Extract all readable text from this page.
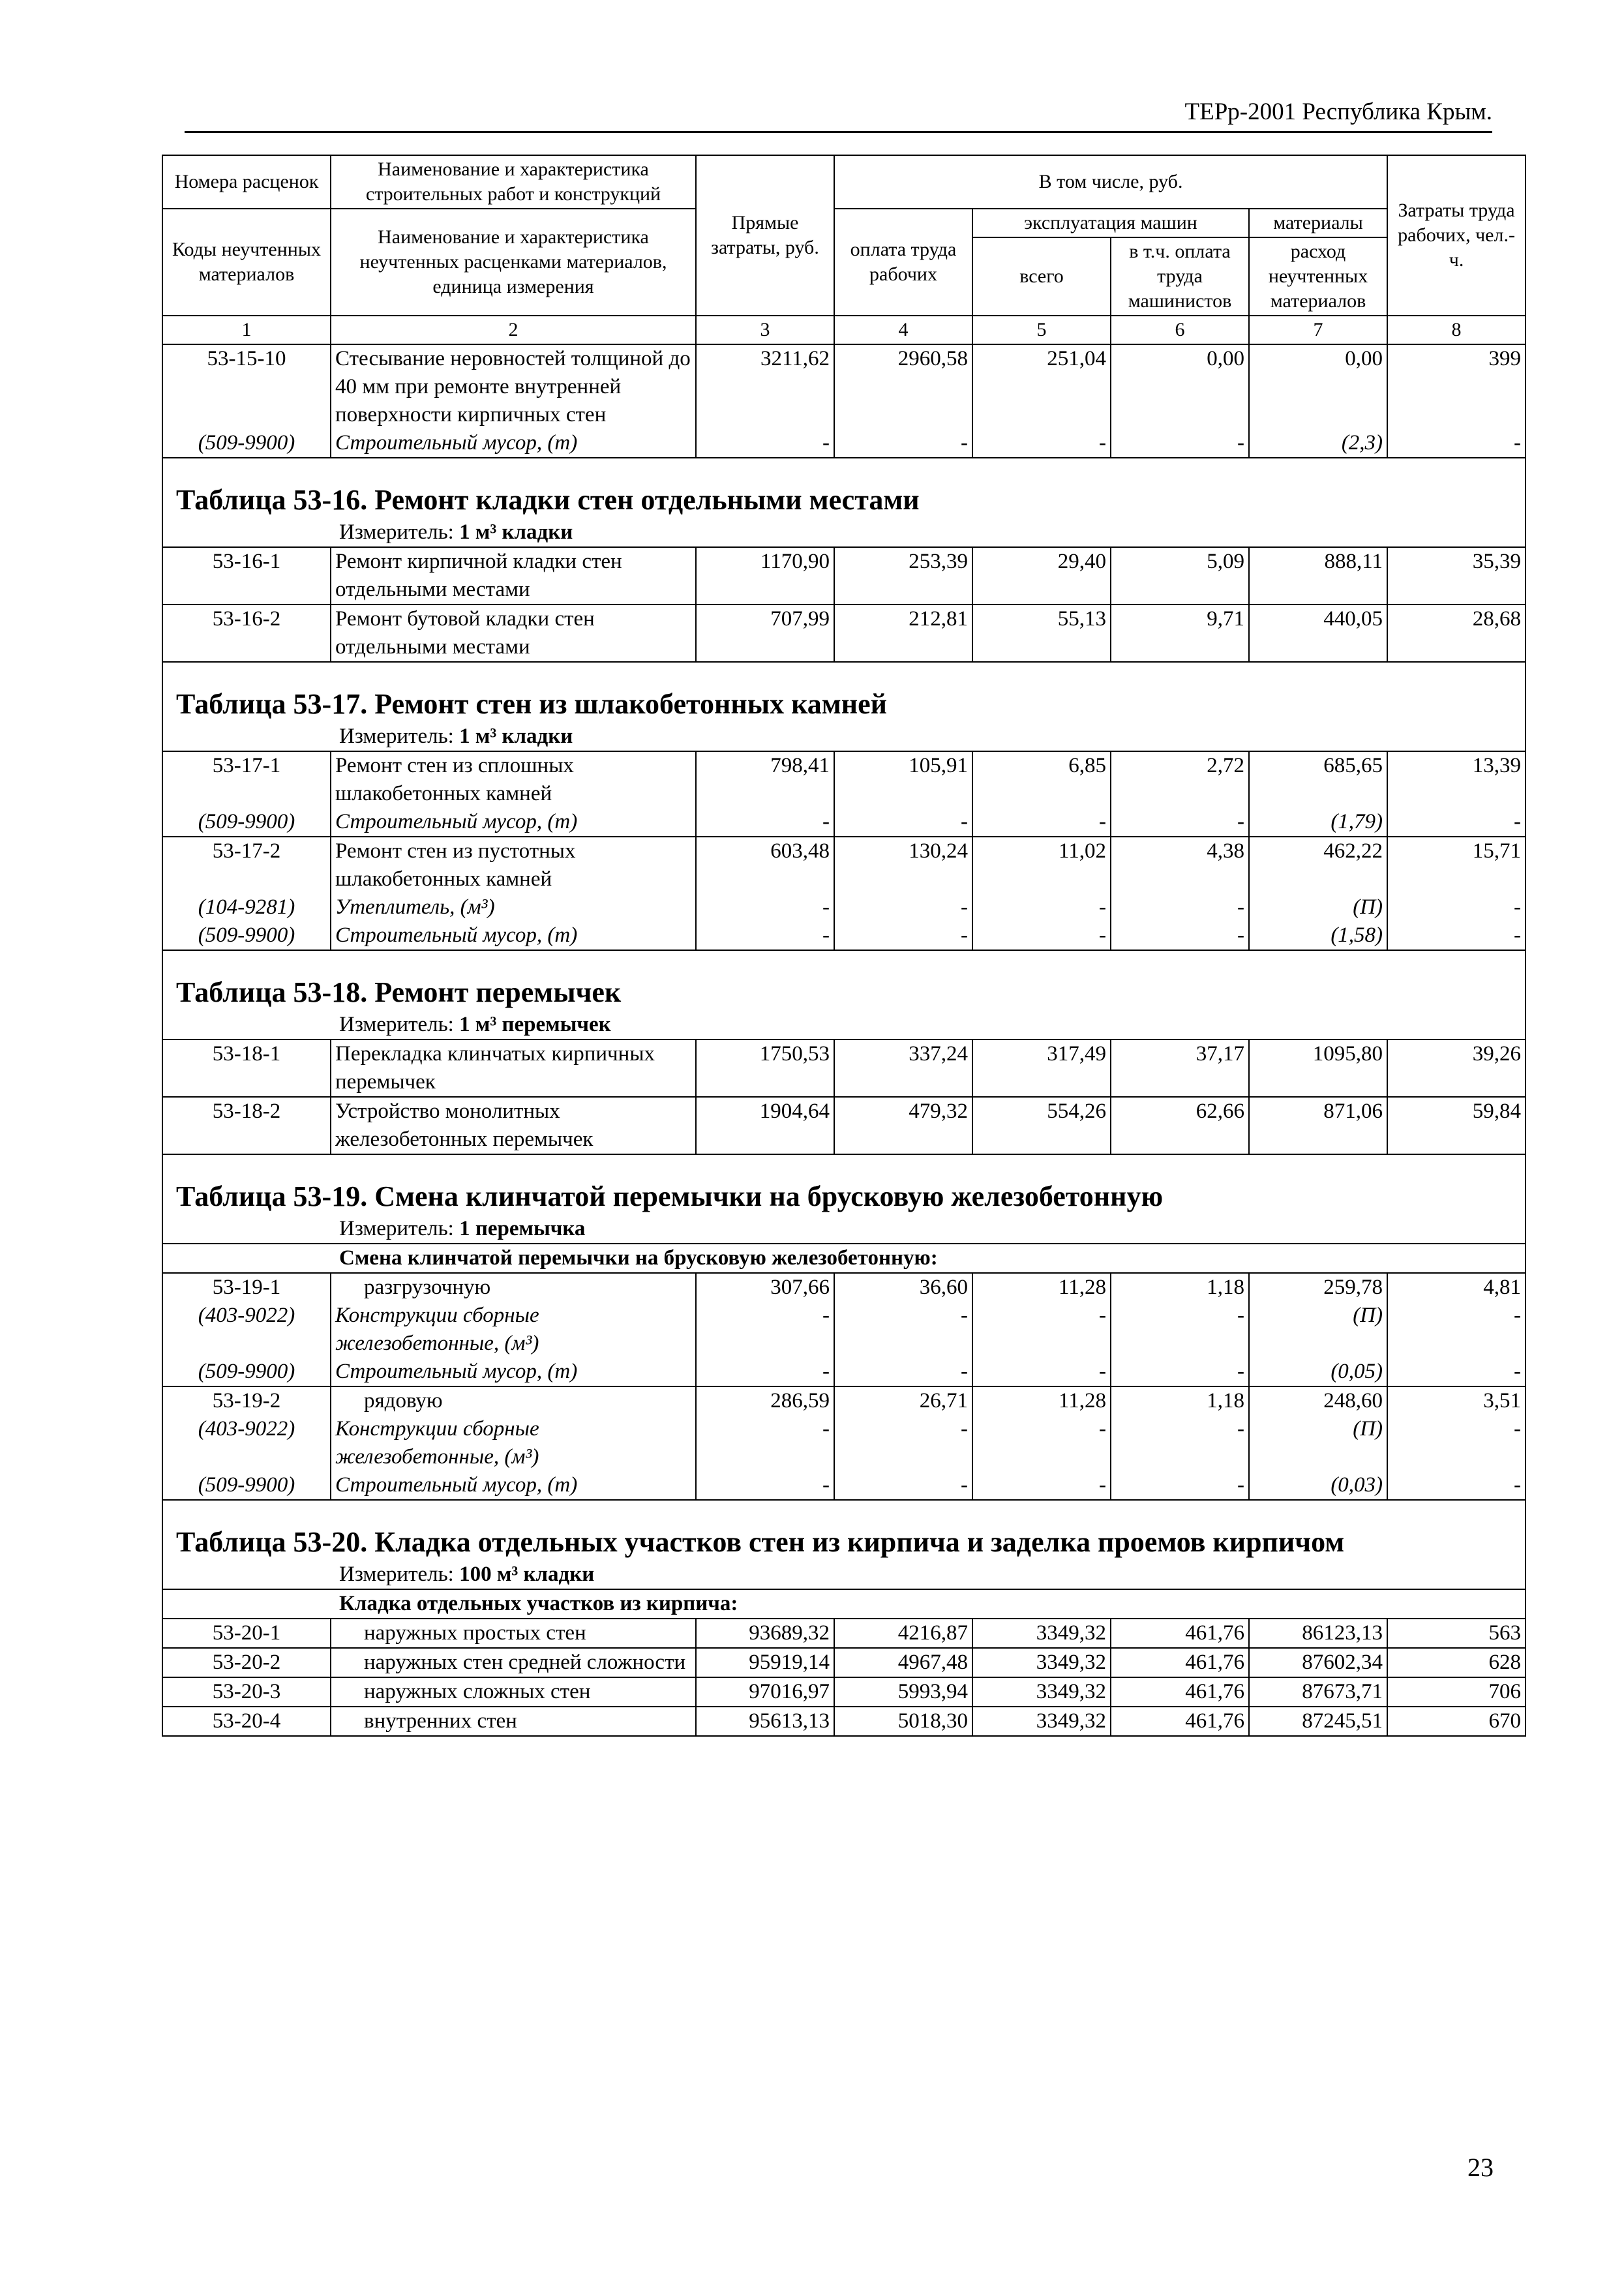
ТЕРр-2001 Республика Крым.
Номера расценок	Наименование и характеристика строительных работ и конструкций	Прямые затраты, руб.	В том числе, руб.				Затраты труда рабочих, чел.-ч.
Коды неучтенных материалов	Наименование и характеристика неучтенных расценками материалов, единица измерения		оплата труда рабочих	эксплуатация машин		материалы	
				всего	в т.ч. оплата труда машинистов	расход неучтенных материалов	
1	2	3	4	5	6	7	8
53-15-10	Стесывание неровностей толщиной до 40 мм при ремонте внутренней поверхности кирпичных стен	3211,62	2960,58	251,04	0,00	0,00	399
(509-9900)	Строительный мусор, (т)	-	-	-	-	(2,3)	-
Таблица 53-16. Ремонт кладки стен отдельными местами							
Измеритель: 1 м³ кладки							
53-16-1	Ремонт кирпичной кладки стен отдельными местами	1170,90	253,39	29,40	5,09	888,11	35,39
53-16-2	Ремонт бутовой кладки стен отдельными местами	707,99	212,81	55,13	9,71	440,05	28,68
Таблица 53-17. Ремонт стен из шлакобетонных камней							
Измеритель: 1 м³ кладки							
53-17-1	Ремонт стен из сплошных шлакобетонных камней	798,41	105,91	6,85	2,72	685,65	13,39
(509-9900)	Строительный мусор, (т)	-	-	-	-	(1,79)	-
53-17-2	Ремонт стен из пустотных шлакобетонных камней	603,48	130,24	11,02	4,38	462,22	15,71
(104-9281)	Утеплитель, (м³)	-	-	-	-	(П)	-
(509-9900)	Строительный мусор, (т)	-	-	-	-	(1,58)	-
Таблица 53-18. Ремонт перемычек							
Измеритель: 1 м³ перемычек							
53-18-1	Перекладка клинчатых кирпичных перемычек	1750,53	337,24	317,49	37,17	1095,80	39,26
53-18-2	Устройство монолитных железобетонных перемычек	1904,64	479,32	554,26	62,66	871,06	59,84
Таблица 53-19. Смена клинчатой перемычки на брусковую железобетонную							
Измеритель: 1 перемычка							
Смена клинчатой перемычки на брусковую железобетонную:							
53-19-1	разгрузочную	307,66	36,60	11,28	1,18	259,78	4,81
(403-9022)	Конструкции сборные железобетонные, (м³)	-	-	-	-	(П)	-
(509-9900)	Строительный мусор, (т)	-	-	-	-	(0,05)	-
53-19-2	рядовую	286,59	26,71	11,28	1,18	248,60	3,51
(403-9022)	Конструкции сборные железобетонные, (м³)	-	-	-	-	(П)	-
(509-9900)	Строительный мусор, (т)	-	-	-	-	(0,03)	-
Таблица 53-20. Кладка отдельных участков стен из кирпича и заделка проемов кирпичом							
Измеритель: 100 м³ кладки							
Кладка отдельных участков из кирпича:							
53-20-1	наружных простых стен	93689,32	4216,87	3349,32	461,76	86123,13	563
53-20-2	наружных стен средней сложности	95919,14	4967,48	3349,32	461,76	87602,34	628
53-20-3	наружных сложных стен	97016,97	5993,94	3349,32	461,76	87673,71	706
53-20-4	внутренних стен	95613,13	5018,30	3349,32	461,76	87245,51	670
23
